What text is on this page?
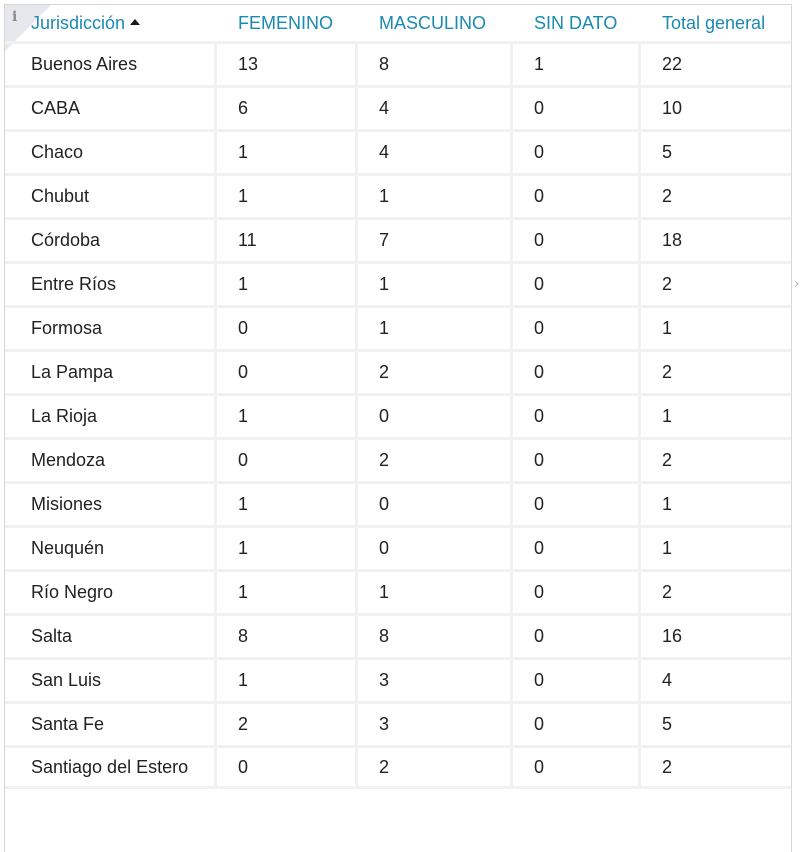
i Jurisdicción	FEMENINO	MASCULINO	SIN DATO	Total general
Buenos Aires	13	8	1	22
CABA	6	4	0	10
Chaco	1	4	0	5
Chubut	1	1	0	2
Córdoba	11	7	0	18
Entre Ríos	1	1	0	2
Formosa	0	1	0	1
La Pampa	0	2	0	2
La Rioja	1	0	0	1
Mendoza	0	2	0	2
Misiones	1	0	0	1
Neuquén	1	0	0	1
Río Negro	1	1	0	2
Salta	8	8	0	16
San Luis	1	3	0	4
Santa Fe	2	3	0	5
Santiago del Estero	0	2	0	2
›
